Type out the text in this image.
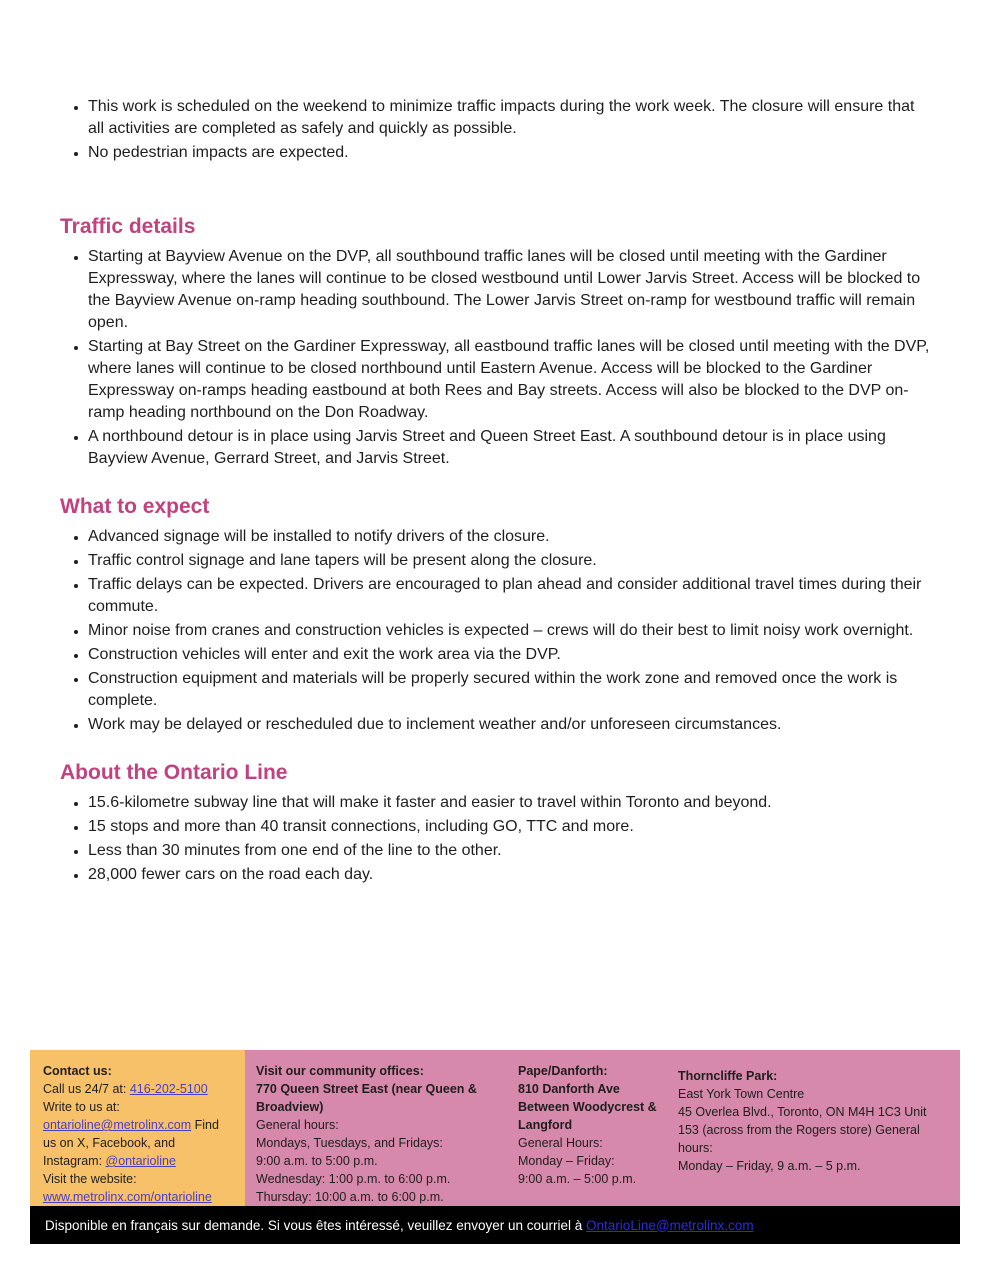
• This work is scheduled on the weekend to minimize traffic impacts during the work week. The closure will ensure that all activities are completed as safely and quickly as possible.
• No pedestrian impacts are expected.
Traffic details
• Starting at Bayview Avenue on the DVP, all southbound traffic lanes will be closed until meeting with the Gardiner Expressway, where the lanes will continue to be closed westbound until Lower Jarvis Street. Access will be blocked to the Bayview Avenue on-ramp heading southbound. The Lower Jarvis Street on-ramp for westbound traffic will remain open.
• Starting at Bay Street on the Gardiner Expressway, all eastbound traffic lanes will be closed until meeting with the DVP, where lanes will continue to be closed northbound until Eastern Avenue. Access will be blocked to the Gardiner Expressway on-ramps heading eastbound at both Rees and Bay streets. Access will also be blocked to the DVP on-ramp heading northbound on the Don Roadway.
• A northbound detour is in place using Jarvis Street and Queen Street East. A southbound detour is in place using Bayview Avenue, Gerrard Street, and Jarvis Street.
What to expect
• Advanced signage will be installed to notify drivers of the closure.
• Traffic control signage and lane tapers will be present along the closure.
• Traffic delays can be expected. Drivers are encouraged to plan ahead and consider additional travel times during their commute.
• Minor noise from cranes and construction vehicles is expected – crews will do their best to limit noisy work overnight.
• Construction vehicles will enter and exit the work area via the DVP.
• Construction equipment and materials will be properly secured within the work zone and removed once the work is complete.
• Work may be delayed or rescheduled due to inclement weather and/or unforeseen circumstances.
About the Ontario Line
• 15.6-kilometre subway line that will make it faster and easier to travel within Toronto and beyond.
• 15 stops and more than 40 transit connections, including GO, TTC and more.
• Less than 30 minutes from one end of the line to the other.
• 28,000 fewer cars on the road each day.
Contact us:
Call us 24/7 at: 416-202-5100
Write to us at:
ontarioline@metrolinx.com Find us on X, Facebook, and Instagram: @ontarioline
Visit the website:
www.metrolinx.com/ontarioline
Visit our community offices:
770 Queen Street East (near Queen & Broadview)
General hours:
Mondays, Tuesdays, and Fridays:
9:00 a.m. to 5:00 p.m.
Wednesday: 1:00 p.m. to 6:00 p.m.
Thursday: 10:00 a.m. to 6:00 p.m.
Pape/Danforth:
810 Danforth Ave Between Woodycrest & Langford
General Hours:
Monday – Friday:
9:00 a.m. – 5:00 p.m.
Thorncliffe Park:
East York Town Centre
45 Overlea Blvd., Toronto, ON M4H 1C3 Unit 153 (across from the Rogers store) General hours:
Monday – Friday, 9 a.m. – 5 p.m.
Disponible en français sur demande. Si vous êtes intéressé, veuillez envoyer un courriel à OntarioLine@metrolinx.com
